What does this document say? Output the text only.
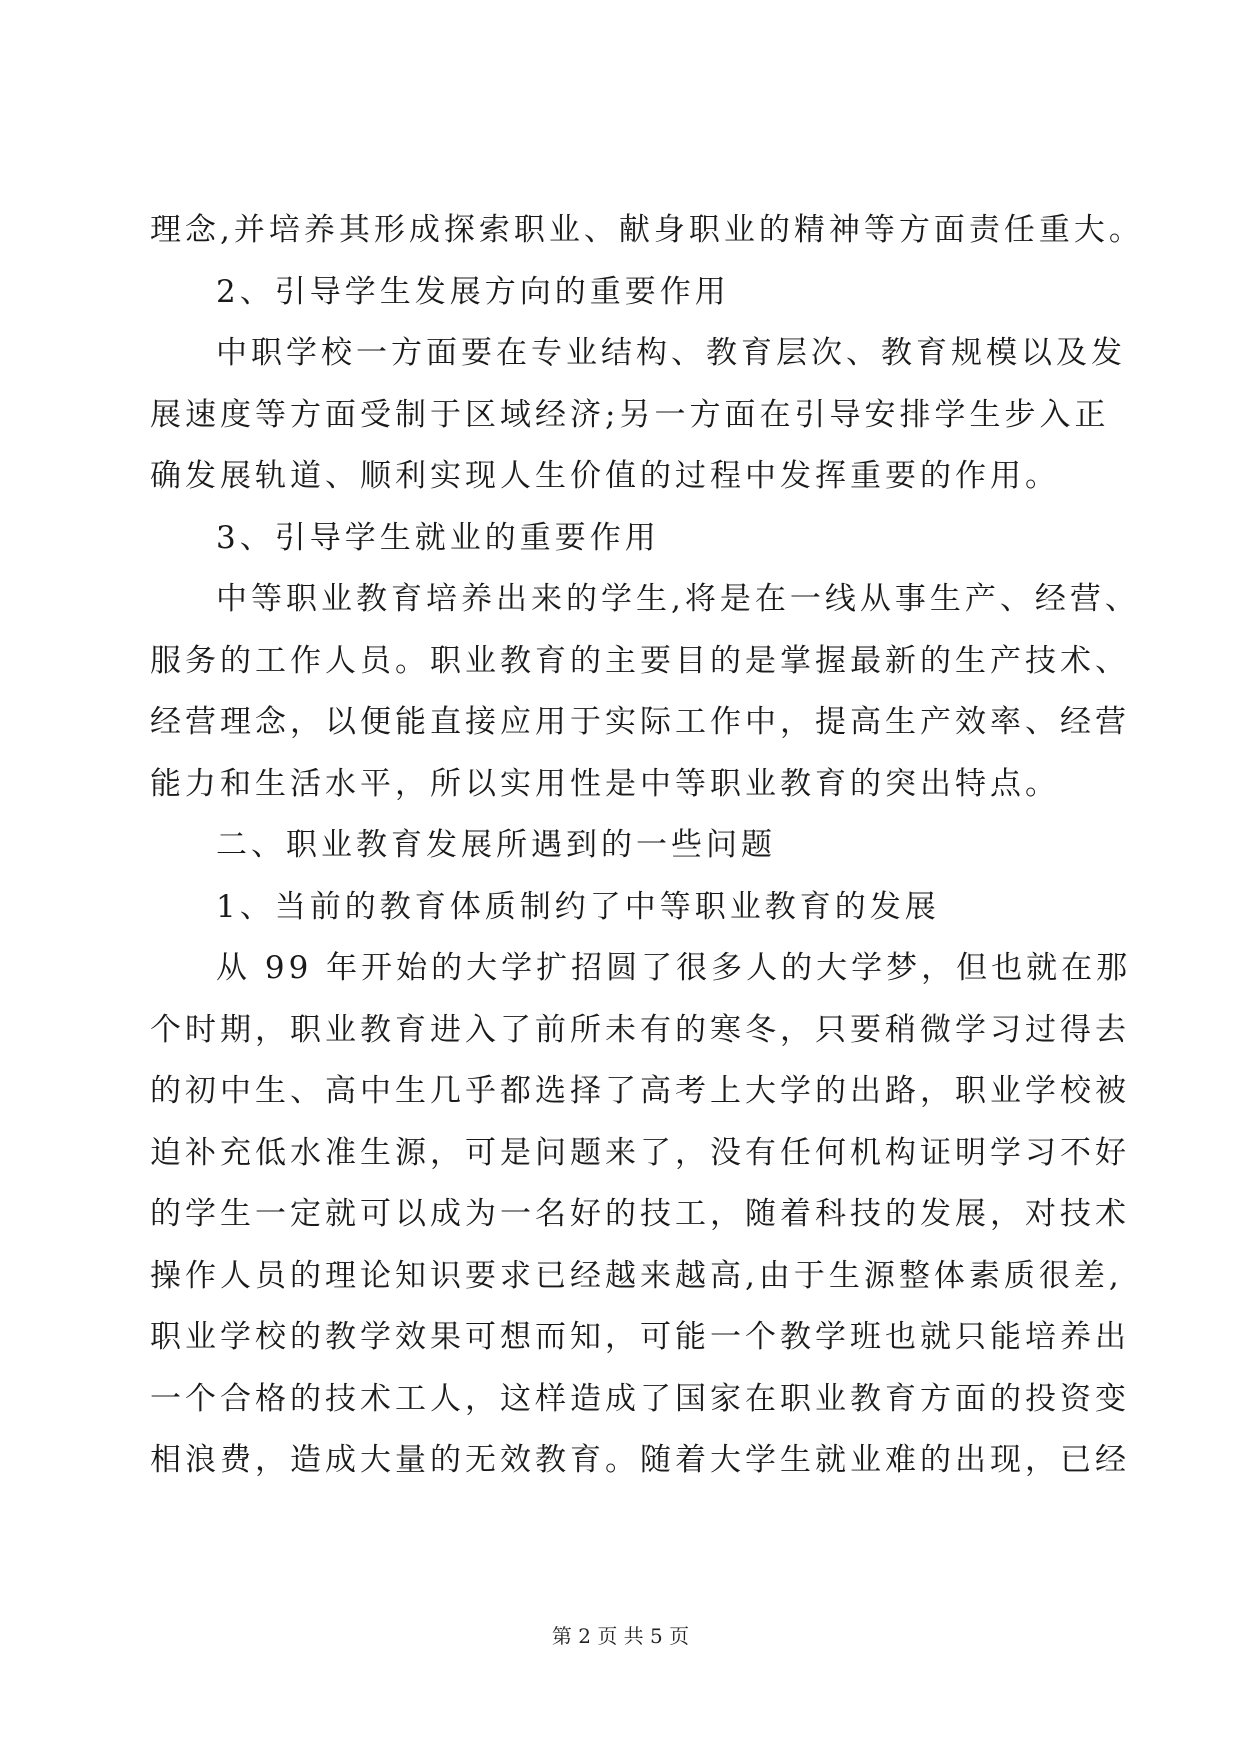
理念,并培养其形成探索职业、献身职业的精神等方面责任重大。
2、引导学生发展方向的重要作用
中职学校一方面要在专业结构、教育层次、教育规模以及发
展速度等方面受制于区域经济;另一方面在引导安排学生步入正
确发展轨道、顺利实现人生价值的过程中发挥重要的作用。
3、引导学生就业的重要作用
中等职业教育培养出来的学生,将是在一线从事生产、经营、
服务的工作人员。职业教育的主要目的是掌握最新的生产技术、
经营理念，以便能直接应用于实际工作中，提高生产效率、经营
能力和生活水平，所以实用性是中等职业教育的突出特点。
二、职业教育发展所遇到的一些问题
1、当前的教育体质制约了中等职业教育的发展
从 99 年开始的大学扩招圆了很多人的大学梦，但也就在那
个时期，职业教育进入了前所未有的寒冬，只要稍微学习过得去
的初中生、高中生几乎都选择了高考上大学的出路，职业学校被
迫补充低水准生源，可是问题来了，没有任何机构证明学习不好
的学生一定就可以成为一名好的技工，随着科技的发展，对技术
操作人员的理论知识要求已经越来越高,由于生源整体素质很差,
职业学校的教学效果可想而知，可能一个教学班也就只能培养出
一个合格的技术工人，这样造成了国家在职业教育方面的投资变
相浪费，造成大量的无效教育。随着大学生就业难的出现，已经
第 2 页 共 5 页
